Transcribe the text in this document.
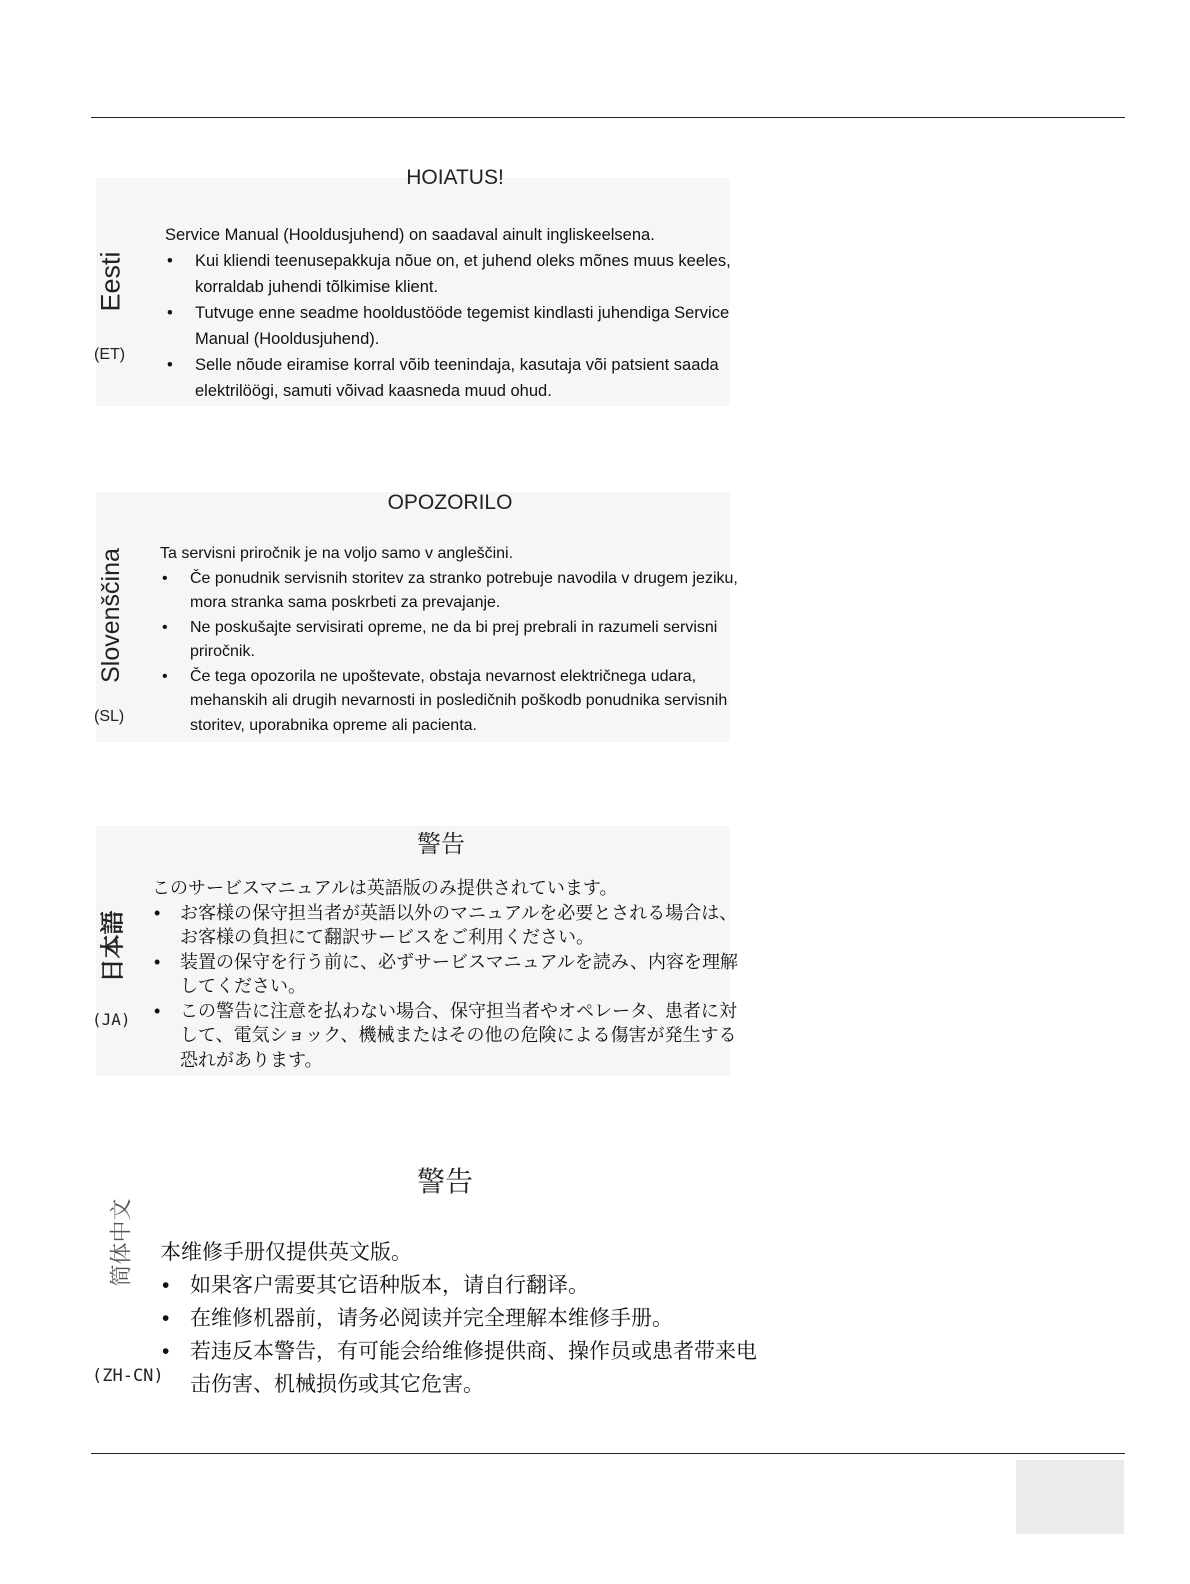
HOIATUS!
Eesti
(ET)

Service Manual (Hooldusjuhend) on saadaval ainult ingliskeelsena.

• Kui kliendi teenusepakkuja nõue on, et juhend oleks mõnes muus keeles, korraldab juhendi tõlkimise klient.
• Tutvuge enne seadme hooldustööde tegemist kindlasti juhendiga Service Manual (Hooldusjuhend).
• Selle nõude eiramise korral võib teenindaja, kasutaja või patsient saada elektrilöögi, samuti võivad kaasneda muud ohud.
OPOZORILO
(SL)

Ta servisni priročnik je na voljo samo v angleščini.

• Če ponudnik servisnih storitev za stranko potrebuje navodila v drugem jeziku, mora stranka sama poskrbeti za prevajanje.
• Ne poskušajte servisirati opreme, ne da bi prej prebrali in razumeli servisni priročnik.
• Če tega opozorila ne upoštevate, obstaja nevarnost električnega udara, mehanskih ali drugih nevarnosti in posledičnih poškodb ponudnika servisnih storitev, uporabnika opreme ali pacienta.
Slovenščina
警告
日本語
(JA)

このサービスマニュアルは英語版のみ提供されています。

• お客様の保守担当者が英語以外のマニュアルを必要とされる場合は、お客様の負担にて翻訳サービスをご利用ください。
• 装置の保守を行う前に、必ずサービスマニュアルを読み、内容を理解してください。
• この警告に注意を払わない場合、保守担当者やオペレータ、患者に対して、電気ショック、機械またはその他の危険による傷害が発生する恐れがあります。
警告
简体中文
(ZH-CN)

本维修手册仅提供英文版。

• 如果客户需要其它语种版本，请自行翻译。
• 在维修机器前，请务必阅读并完全理解本维修手册。
• 若违反本警告，有可能会给维修提供商、操作员或患者带来电击伤害、机械损伤或其它危害。
